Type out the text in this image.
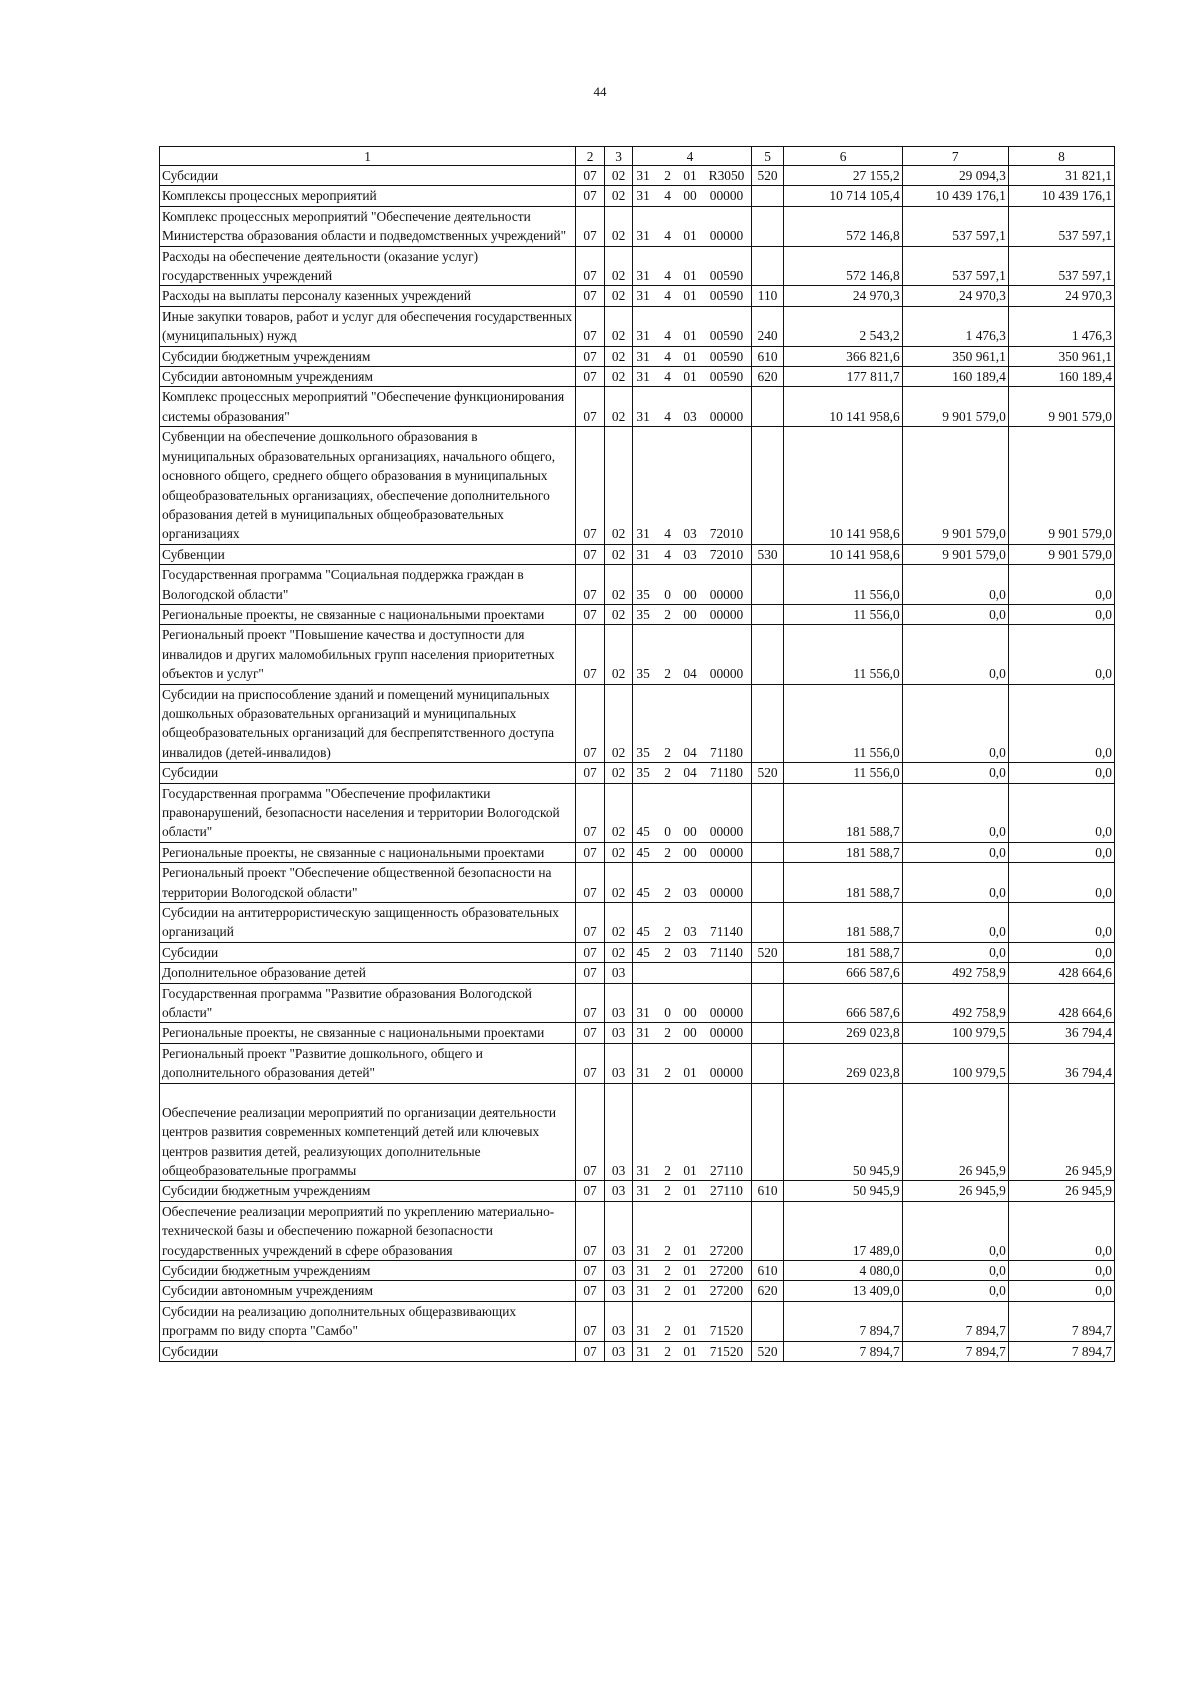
44
1	2	3			4		5	6	7	8
Субсидии	07	02	31	2	01	R3050	520	27 155,2	29 094,3	31 821,1
Комплексы процессных мероприятий	07	02	31	4	00	00000		10 714 105,4	10 439 176,1	10 439 176,1
Комплекс процессных мероприятий "Обеспечение деятельности Министерства образования области и подведомственных учреждений"	07	02	31	4	01	00000		572 146,8	537 597,1	537 597,1
Расходы на обеспечение деятельности (оказание услуг) государственных учреждений	07	02	31	4	01	00590		572 146,8	537 597,1	537 597,1
Расходы на выплаты персоналу казенных учреждений	07	02	31	4	01	00590	110	24 970,3	24 970,3	24 970,3
Иные закупки товаров, работ и услуг для обеспечения государственных (муниципальных) нужд	07	02	31	4	01	00590	240	2 543,2	1 476,3	1 476,3
Субсидии бюджетным учреждениям	07	02	31	4	01	00590	610	366 821,6	350 961,1	350 961,1
Субсидии автономным учреждениям	07	02	31	4	01	00590	620	177 811,7	160 189,4	160 189,4
Комплекс процессных мероприятий "Обеспечение функционирования системы образования"	07	02	31	4	03	00000		10 141 958,6	9 901 579,0	9 901 579,0
Субвенции на обеспечение дошкольного образования в муниципальных образовательных организациях, начального общего, основного общего, среднего общего образования в муниципальных общеобразовательных организациях, обеспечение дополнительного образования детей в муниципальных общеобразовательных организациях	07	02	31	4	03	72010		10 141 958,6	9 901 579,0	9 901 579,0
Субвенции	07	02	31	4	03	72010	530	10 141 958,6	9 901 579,0	9 901 579,0
Государственная программа "Социальная поддержка граждан в Вологодской области"	07	02	35	0	00	00000		11 556,0	0,0	0,0
Региональные проекты, не связанные с национальными проектами	07	02	35	2	00	00000		11 556,0	0,0	0,0
Региональный проект "Повышение качества и доступности для инвалидов и других маломобильных групп населения приоритетных объектов и услуг"	07	02	35	2	04	00000		11 556,0	0,0	0,0
Субсидии на приспособление зданий и помещений муниципальных дошкольных образовательных организаций и муниципальных общеобразовательных организаций для беспрепятственного доступа инвалидов (детей-инвалидов)	07	02	35	2	04	71180		11 556,0	0,0	0,0
Субсидии	07	02	35	2	04	71180	520	11 556,0	0,0	0,0
Государственная программа "Обеспечение профилактики правонарушений, безопасности населения и территории Вологодской области"	07	02	45	0	00	00000		181 588,7	0,0	0,0
Региональные проекты, не связанные с национальными проектами	07	02	45	2	00	00000		181 588,7	0,0	0,0
Региональный проект "Обеспечение общественной безопасности на территории Вологодской области"	07	02	45	2	03	00000		181 588,7	0,0	0,0
Субсидии на антитеррористическую защищенность образовательных организаций	07	02	45	2	03	71140		181 588,7	0,0	0,0
Субсидии	07	02	45	2	03	71140	520	181 588,7	0,0	0,0
Дополнительное образование детей	07	03						666 587,6	492 758,9	428 664,6
Государственная программа "Развитие образования Вологодской области"	07	03	31	0	00	00000		666 587,6	492 758,9	428 664,6
Региональные проекты, не связанные с национальными проектами	07	03	31	2	00	00000		269 023,8	100 979,5	36 794,4
Региональный проект "Развитие дошкольного, общего и дополнительного образования детей"	07	03	31	2	01	00000		269 023,8	100 979,5	36 794,4

Обеспечение реализации мероприятий по организации деятельности центров развития современных компетенций детей или ключевых центров развития детей, реализующих дополнительные общеобразовательные программы	07	03	31	2	01	27110		50 945,9	26 945,9	26 945,9
Субсидии бюджетным учреждениям	07	03	31	2	01	27110	610	50 945,9	26 945,9	26 945,9
Обеспечение реализации мероприятий по укреплению материально-технической базы и обеспечению пожарной безопасности государственных учреждений в сфере образования	07	03	31	2	01	27200		17 489,0	0,0	0,0
Субсидии бюджетным учреждениям	07	03	31	2	01	27200	610	4 080,0	0,0	0,0
Субсидии автономным учреждениям	07	03	31	2	01	27200	620	13 409,0	0,0	0,0
Субсидии на реализацию дополнительных общеразвивающих программ по виду спорта "Самбо"	07	03	31	2	01	71520		7 894,7	7 894,7	7 894,7
Субсидии	07	03	31	2	01	71520	520	7 894,7	7 894,7	7 894,7
